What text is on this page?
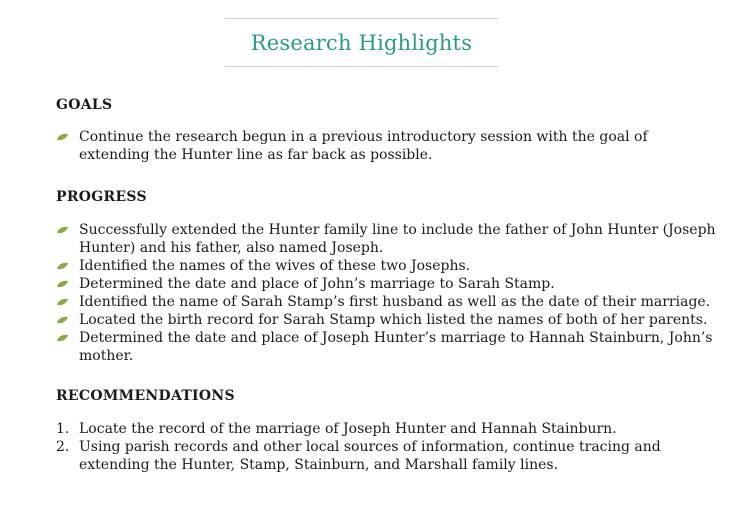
Research Highlights

GOALS

Continue the research begun in a previous introductory session with the goal of extending the Hunter line as far back as possible.

PROGRESS

Successfully extended the Hunter family line to include the father of John Hunter (Joseph Hunter) and his father, also named Joseph.
Identified the names of the wives of these two Josephs.
Determined the date and place of John’s marriage to Sarah Stamp.
Identified the name of Sarah Stamp’s first husband as well as the date of their marriage.
Located the birth record for Sarah Stamp which listed the names of both of her parents.
Determined the date and place of Joseph Hunter’s marriage to Hannah Stainburn, John’s mother.

RECOMMENDATIONS

1. Locate the record of the marriage of Joseph Hunter and Hannah Stainburn.
2. Using parish records and other local sources of information, continue tracing and extending the Hunter, Stamp, Stainburn, and Marshall family lines.
